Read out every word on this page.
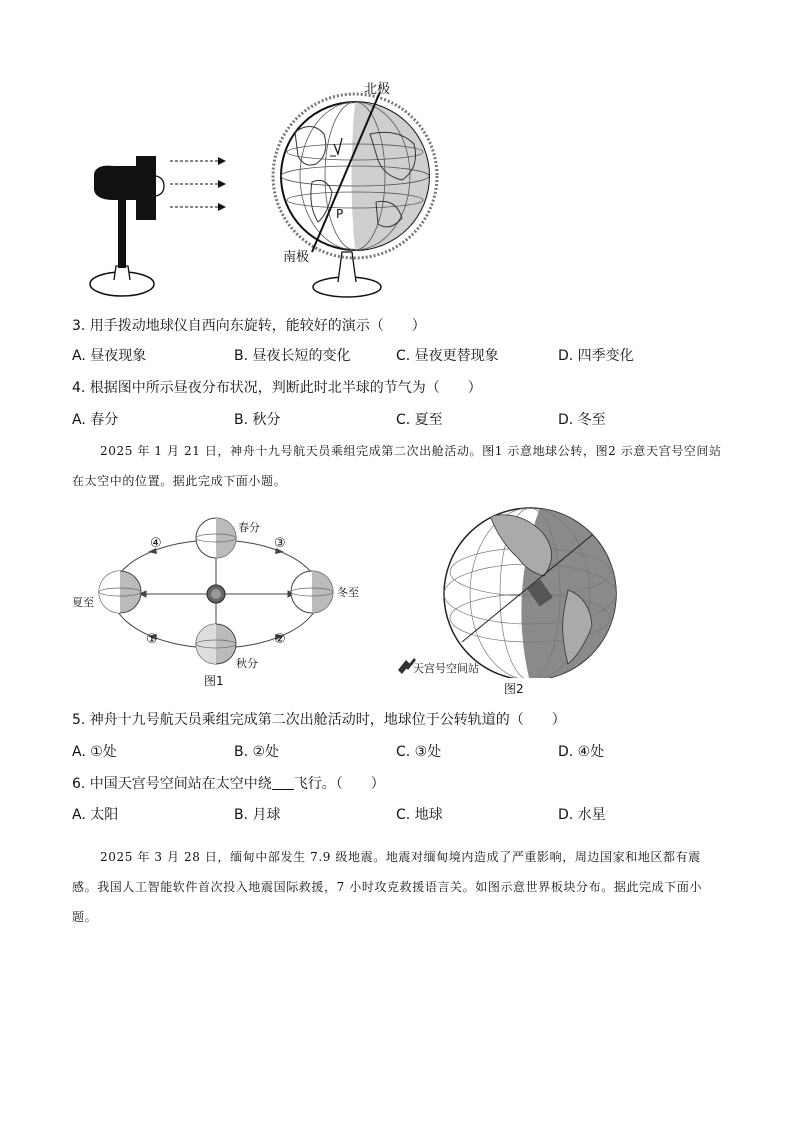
北极
南极
P
3. 用手拨动地球仪自西向东旋转，能较好的演示（　　）
A. 昼夜现象	B. 昼夜长短的变化	C. 昼夜更替现象	D. 四季变化
4. 根据图中所示昼夜分布状况，判断此时北半球的节气为（　　）
A. 春分	B. 秋分	C. 夏至	D. 冬至
2025 年 1 月 21 日，神舟十九号航天员乘组完成第二次出舱活动。图1 示意地球公转，图2 示意天宫号空间站在太空中的位置。据此完成下面小题。
春分
夏至
冬至
秋分
④	③
①	②
图1
天宫号空间站
图2
5. 神舟十九号航天员乘组完成第二次出舱活动时，地球位于公转轨道的（　　）
A. ①处	B. ②处	C. ③处	D. ④处
6. 中国天宫号空间站在太空中绕 飞行。（　　）
A. 太阳	B. 月球	C. 地球	D. 水星
2025 年 3 月 28 日，缅甸中部发生 7.9 级地震。地震对缅甸境内造成了严重影响，周边国家和地区都有震感。我国人工智能软件首次投入地震国际救援，7 小时攻克救援语言关。如图示意世界板块分布。据此完成下面小题。
